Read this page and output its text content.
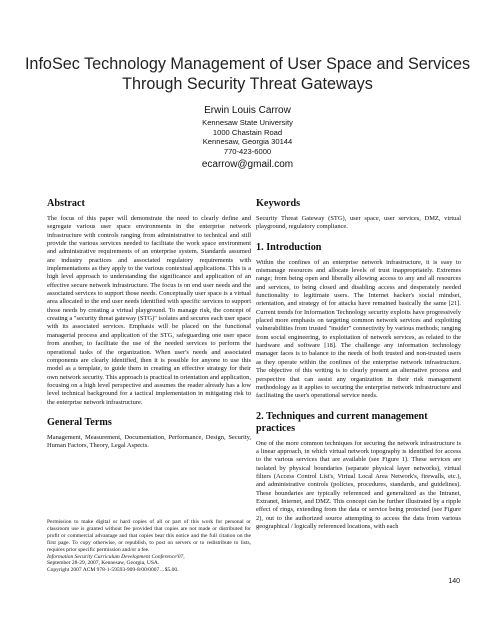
InfoSec Technology Management of User Space and Services Through Security Threat Gateways
Erwin Louis Carrow
Kennesaw State University
1000 Chastain Road
Kennesaw, Georgia 30144
770-423-6000
ecarrow@gmail.com
Abstract

The focus of this paper will demonstrate the need to clearly define and segregate various user space environments in the enterprise network infrastructure with controls ranging from administrative to technical and still provide the various services needed to facilitate the work space environment and administrative requirements of an enterprise system. Standards assumed are industry practices and associated regulatory requirements with implementations as they apply to the various contextual applications. This is a high level approach to understanding the significance and application of an effective secure network infrastructure. The focus is on end user needs and the associated services to support those needs. Conceptually user space is a virtual area allocated to the end user needs identified with specific services to support those needs by creating a virtual playground. To manage risk, the concept of creating a "security threat gateway (STG)" isolates and secures each user space with its associated services. Emphasis will be placed on the functional managerial process and application of the STG, safeguarding one user space from another, to facilitate the use of the needed services to perform the operational tasks of the organization. When user's needs and associated components are clearly identified, then it is possible for anyone to use this model as a template, to guide them in creating an effective strategy for their own network security. This approach is practical in orientation and application, focusing on a high level perspective and assumes the reader already has a low level technical background for a tactical implementation in mitigating risk to the enterprise network infrastructure.

General Terms

Management, Measurement, Documentation, Performance, Design, Security, Human Factors, Theory, Legal Aspects.

Permission to make digital or hard copies of all or part of this work for personal or classroom use is granted without fee provided that copies are not made or distributed for profit or commercial advantage and that copies bear this notice and the full citation on the first page. To copy otherwise, or republish, to post on servers or to redistribute to lists, requires prior specific permission and/or a fee.

Information Security Curriculum Development Conference'07,

September 28-29, 2007, Kennesaw, Georgia, USA.

Copyright 2007 ACM 978-1-59593-909-8/00/0007…$5.00.

Keywords

Security Threat Gateway (STG), user space, user services, DMZ, virtual playground, regulatory compliance.

1. Introduction

Within the confines of an enterprise network infrastructure, it is easy to mismanage resources and allocate levels of trust inappropriately. Extremes range; from being open and liberally allowing access to any and all resources and services, to being closed and disabling access and desperately needed functionality to legitimate users. The Internet hacker's social mindset, orientation, and strategy of for attacks have remained basically the same [21]. Current trends for Information Technology security exploits have progressively placed more emphasis on targeting common network services and exploiting vulnerabilities from trusted "insider" connectivity by various methods; ranging from social engineering, to exploitation of network services, as related to the hardware and software [18]. The challenge any information technology manager faces is to balance to the needs of both trusted and non-trusted users as they operate within the confines of the enterprise network infrastructure. The objective of this writing is to clearly present an alternative process and perspective that can assist any organization in their risk management methodology as it applies to securing the enterprise network infrastructure and facilitating the user's operational service needs.

2. Techniques and current management practices

One of the more common techniques for securing the network infrastructure is a linear approach, in which virtual network topography is identified for access to the various services that are available (see Figure 1). These services are isolated by physical boundaries (separate physical layer networks), virtual filters (Access Control List's, Virtual Local Area Network's, firewalls, etc.), and administrative controls (policies, procedures, standards, and guidelines). These boundaries are typically referenced and generalized as the Intranet, Extranet, Internet, and DMZ. This concept can be further illustrated by a ripple effect of rings, extending from the data or service being protected (see Figure 2), out to the authorized source attempting to access the data from various geographical / logically referenced locations, with each

140
